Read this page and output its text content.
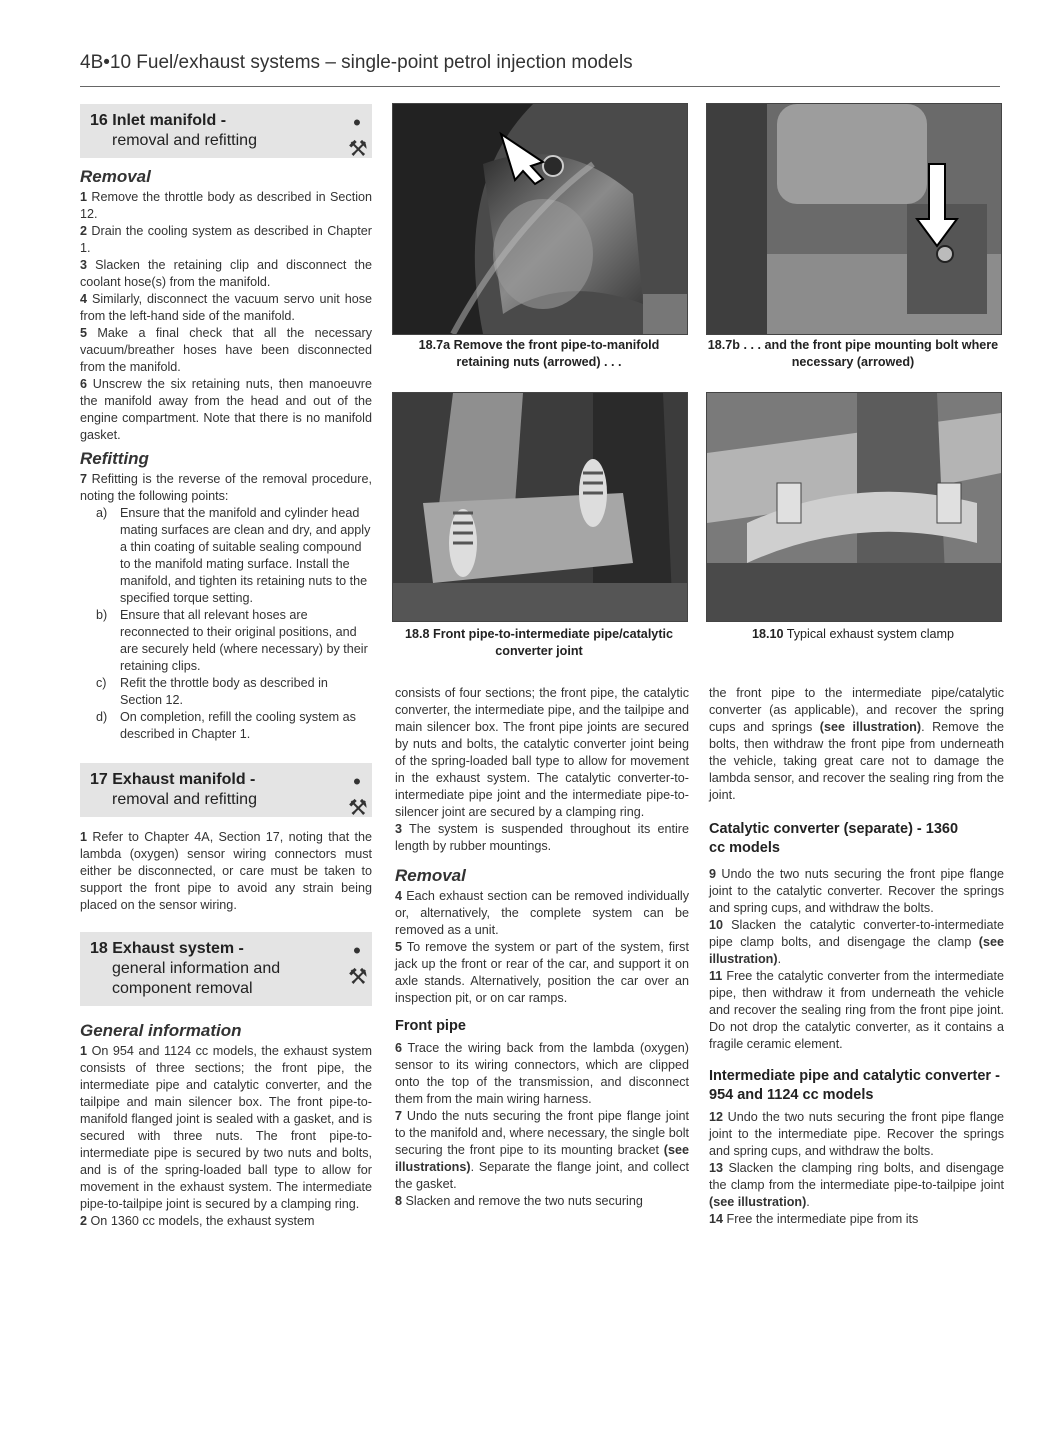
4B•10 Fuel/exhaust systems – single-point petrol injection models
16 Inlet manifold -
removal and refitting
•
⚒
Removal

1 Remove the throttle body as described in Section 12.

2 Drain the cooling system as described in Chapter 1.

3 Slacken the retaining clip and disconnect the coolant hose(s) from the manifold.

4 Similarly, disconnect the vacuum servo unit hose from the left-hand side of the manifold.

5 Make a final check that all the necessary vacuum/breather hoses have been disconnected from the manifold.

6 Unscrew the six retaining nuts, then manoeuvre the manifold away from the head and out of the engine compartment. Note that there is no manifold gasket.

Refitting

7 Refitting is the reverse of the removal procedure, noting the following points:

a)	Ensure that the manifold and cylinder head mating surfaces are clean and dry, and apply a thin coating of suitable sealing compound to the manifold mating surface. Install the manifold, and tighten its retaining nuts to the specified torque setting.
b)	Ensure that all relevant hoses are reconnected to their original positions, and are securely held (where necessary) by their retaining clips.
c)	Refit the throttle body as described in Section 12.
d)	On completion, refill the cooling system as described in Chapter 1.
17 Exhaust manifold -
removal and refitting
•
⚒

1 Refer to Chapter 4A, Section 17, noting that the lambda (oxygen) sensor wiring connectors must either be disconnected, or care must be taken to support the front pipe to avoid any strain being placed on the sensor wiring.

18 Exhaust system -
general information and
component removal
•
⚒
General information

1 On 954 and 1124 cc models, the exhaust system consists of three sections; the front pipe, the intermediate pipe and catalytic converter, and the tailpipe and main silencer box. The front pipe-to-manifold flanged joint is sealed with a gasket, and is secured with three nuts. The front pipe-to-intermediate pipe is secured by two nuts and bolts, and is of the spring-loaded ball type to allow for movement in the exhaust system. The intermediate pipe-to-tailpipe joint is secured by a clamping ring.

2 On 1360 cc models, the exhaust system

18.7a Remove the front pipe-to-manifold retaining nuts (arrowed) . . .
18.7b . . . and the front pipe mounting bolt where necessary (arrowed)
18.8 Front pipe-to-intermediate pipe/catalytic converter joint
18.10 Typical exhaust system clamp

consists of four sections; the front pipe, the catalytic converter, the intermediate pipe, and the tailpipe and main silencer box. The front pipe joints are secured by nuts and bolts, the catalytic converter joint being of the spring-loaded ball type to allow for movement in the exhaust system. The catalytic converter-to-intermediate pipe joint and the intermediate pipe-to-silencer joint are secured by a clamping ring.

3 The system is suspended throughout its entire length by rubber mountings.

Removal

4 Each exhaust section can be removed individually or, alternatively, the complete system can be removed as a unit.

5 To remove the system or part of the system, first jack up the front or rear of the car, and support it on axle stands. Alternatively, position the car over an inspection pit, or on car ramps.

Front pipe

6 Trace the wiring back from the lambda (oxygen) sensor to its wiring connectors, which are clipped onto the top of the transmission, and disconnect them from the main wiring harness.

7 Undo the nuts securing the front pipe flange joint to the manifold and, where necessary, the single bolt securing the front pipe to its mounting bracket (see illustrations). Separate the flange joint, and collect the gasket.

8 Slacken and remove the two nuts securing

the front pipe to the intermediate pipe/catalytic converter (as applicable), and recover the spring cups and springs (see illustration). Remove the bolts, then withdraw the front pipe from underneath the vehicle, taking great care not to damage the lambda sensor, and recover the sealing ring from the joint.

Catalytic converter (separate) - 1360 cc models

9 Undo the two nuts securing the front pipe flange joint to the catalytic converter. Recover the springs and spring cups, and withdraw the bolts.

10 Slacken the catalytic converter-to-intermediate pipe clamp bolts, and disengage the clamp (see illustration).

11 Free the catalytic converter from the intermediate pipe, then withdraw it from underneath the vehicle and recover the sealing ring from the front pipe joint. Do not drop the catalytic converter, as it contains a fragile ceramic element.

Intermediate pipe and catalytic converter - 954 and 1124 cc models

12 Undo the two nuts securing the front pipe flange joint to the intermediate pipe. Recover the springs and spring cups, and withdraw the bolts.

13 Slacken the clamping ring bolts, and disengage the clamp from the intermediate pipe-to-tailpipe joint (see illustration).

14 Free the intermediate pipe from its
